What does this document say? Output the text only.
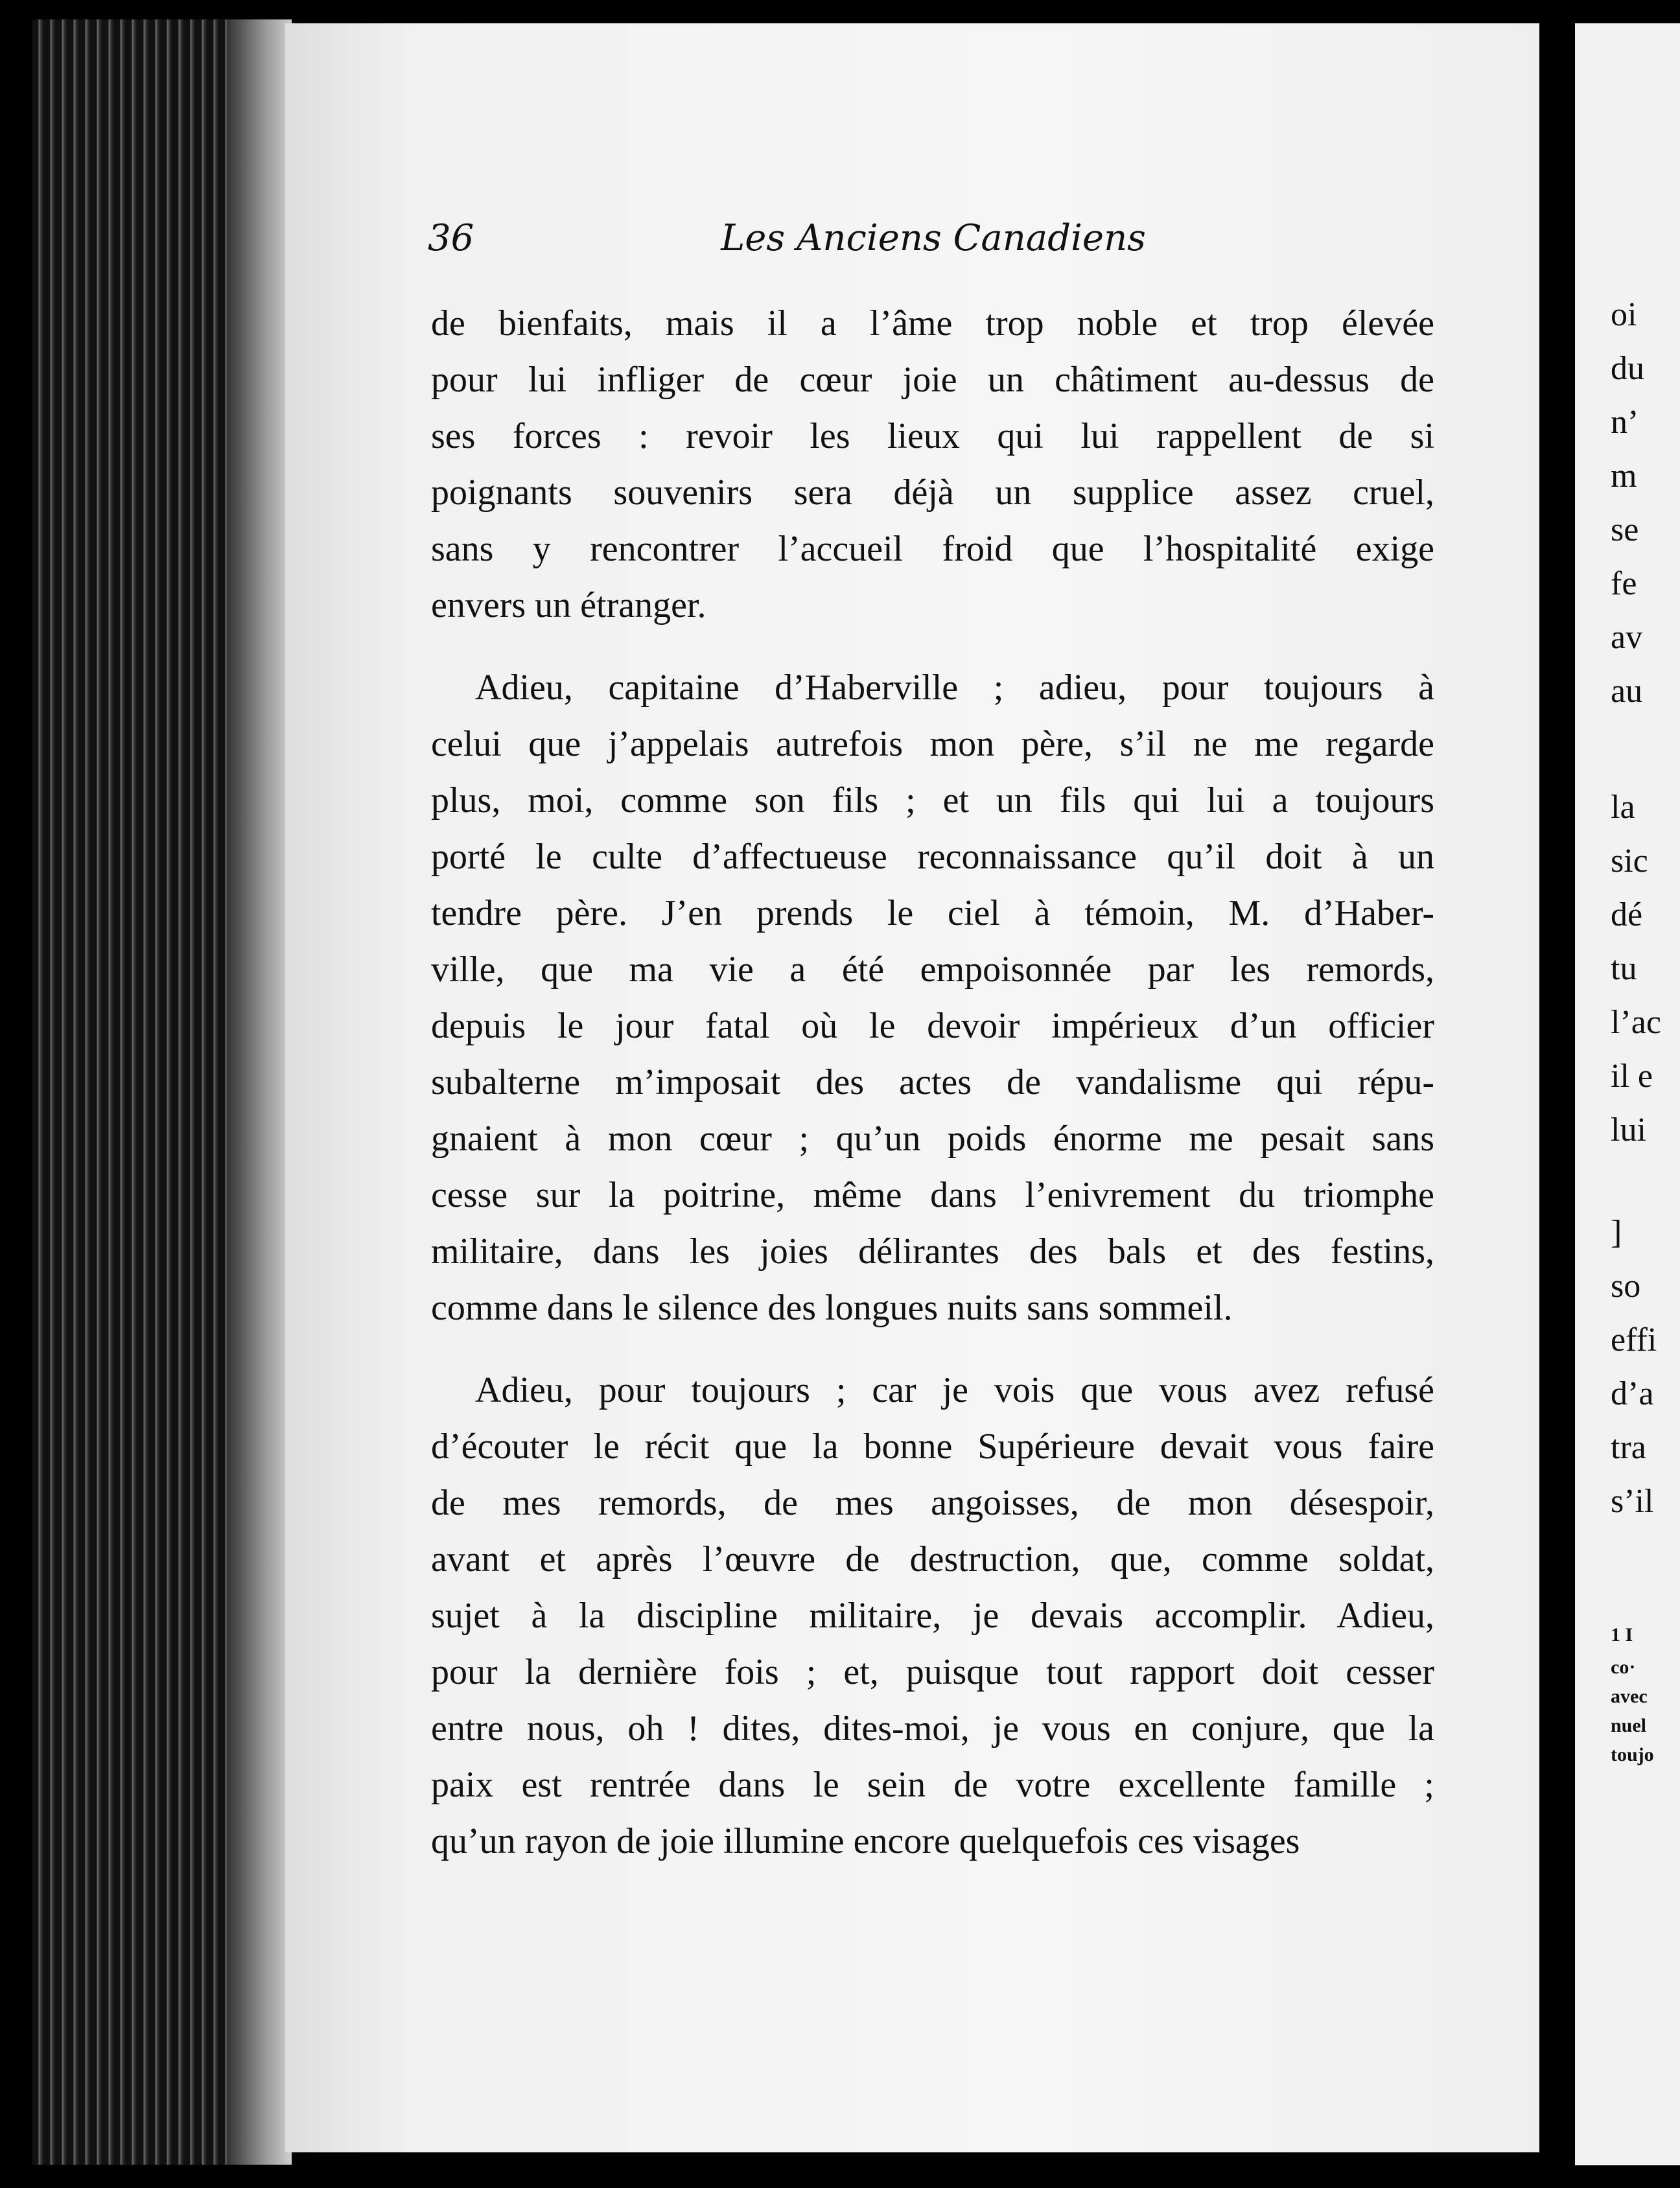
36	Les Anciens Canadiens

de bienfaits, mais il a l’âme trop noble et trop élevée
pour lui infliger de cœur joie un châtiment au-dessus de
ses forces : revoir les lieux qui lui rappellent de si
poignants souvenirs sera déjà un supplice assez cruel,
sans y rencontrer l’accueil froid que l’hospitalité exige
envers un étranger.

Adieu, capitaine d’Haberville ; adieu, pour toujours à
celui que j’appelais autrefois mon père, s’il ne me regarde
plus, moi, comme son fils ; et un fils qui lui a toujours
porté le culte d’affectueuse reconnaissance qu’il doit à un
tendre père. J’en prends le ciel à témoin, M. d’Haber-
ville, que ma vie a été empoisonnée par les remords,
depuis le jour fatal où le devoir impérieux d’un officier
subalterne m’imposait des actes de vandalisme qui répu-
gnaient à mon cœur ; qu’un poids énorme me pesait sans
cesse sur la poitrine, même dans l’enivrement du triomphe
militaire, dans les joies délirantes des bals et des festins,
comme dans le silence des longues nuits sans sommeil.

Adieu, pour toujours ; car je vois que vous avez refusé
d’écouter le récit que la bonne Supérieure devait vous faire
de mes remords, de mes angoisses, de mon désespoir,
avant et après l’œuvre de destruction, que, comme soldat,
sujet à la discipline militaire, je devais accomplir. Adieu,
pour la dernière fois ; et, puisque tout rapport doit cesser
entre nous, oh ! dites, dites-moi, je vous en conjure, que la
paix est rentrée dans le sein de votre excellente famille ;
qu’un rayon de joie illumine encore quelquefois ces visages

oi
du
n’
m
se
fe
av
au
la
sic
dé
tu
l’ac
il e
lui
]
so
effi
d’a
tra
s’il
1 I
co·
avec
nuel
toujo
